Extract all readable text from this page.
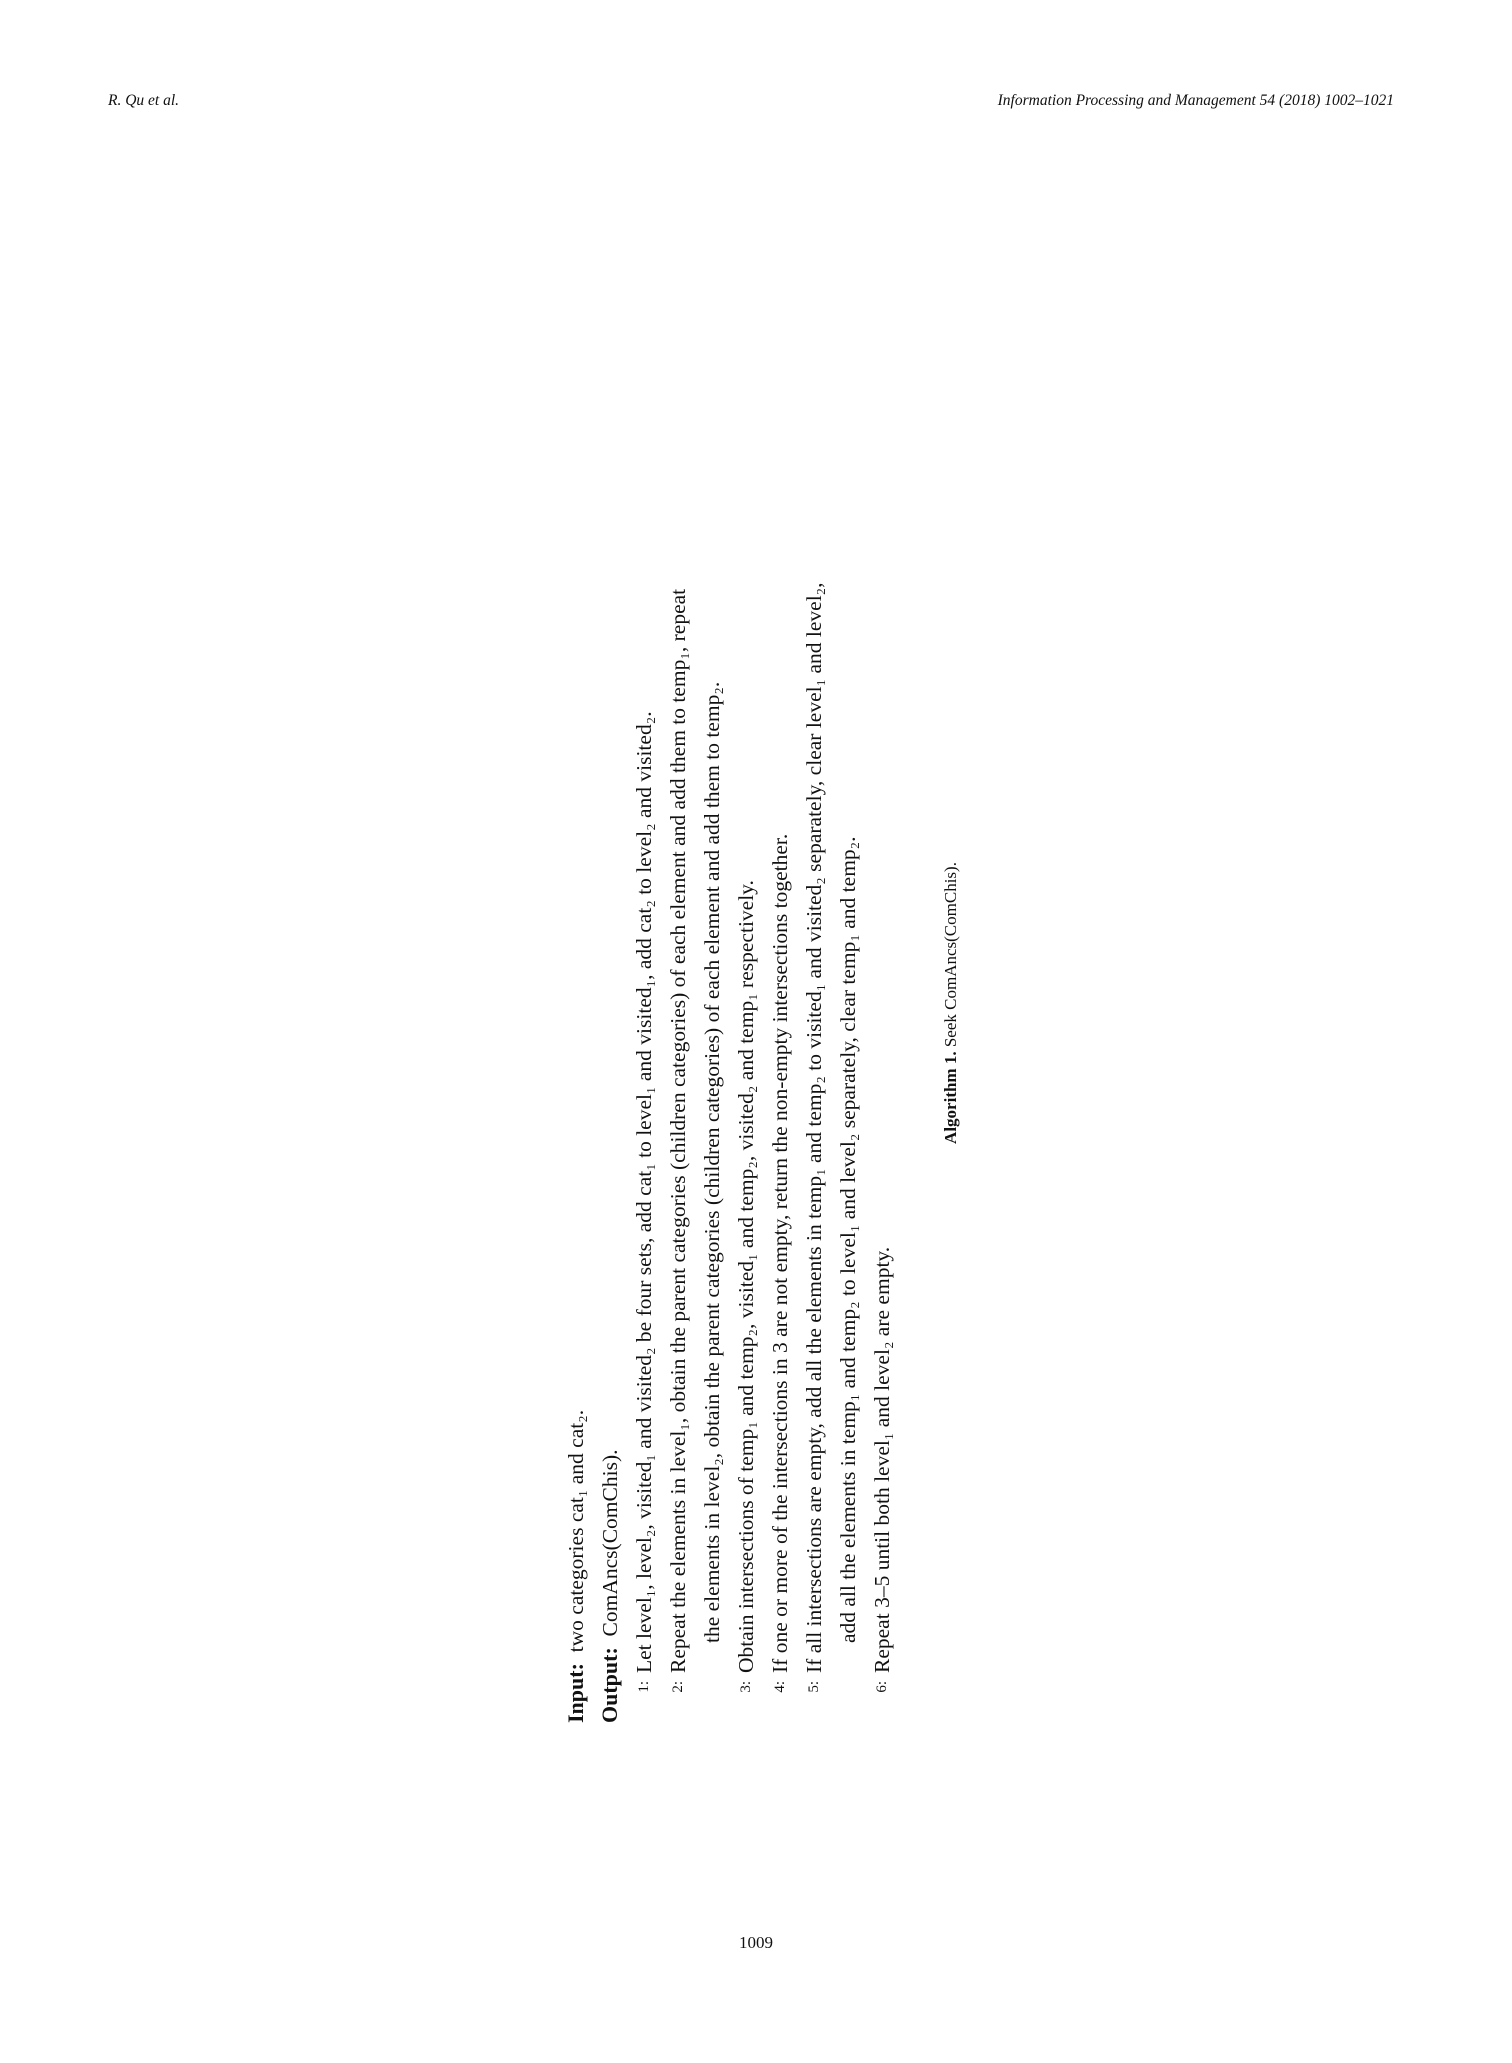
R. Qu et al.	Information Processing and Management 54 (2018) 1002–1021
Input:  two categories cat₁ and cat₂.
Output:  ComAncs(ComChis).
1:
Let level₁, level₂, visited₁ and visited₂ be four sets, add cat₁ to level₁ and visited₁, add cat₂ to level₂ and visited₂.
2:
Repeat the elements in level₁, obtain the parent categories (children categories) of each element and add them to temp₁, repeat the elements in level₂, obtain the parent categories (children categories) of each element and add them to temp₂.
3:
Obtain intersections of temp₁ and temp₂, visited₁ and temp₂, visited₂ and temp₁ respectively.
4:
If one or more of the intersections in 3 are not empty, return the non-empty intersections together.
5:
If all intersections are empty, add all the elements in temp₁ and temp₂ to visited₁ and visited₂ separately, clear level₁ and level₂, add all the elements in temp₁ and temp₂ to level₁ and level₂ separately, clear temp₁ and temp₂.
6:
Repeat 3–5 until both level₁ and level₂ are empty.
Algorithm 1. Seek ComAncs(ComChis).
1009
